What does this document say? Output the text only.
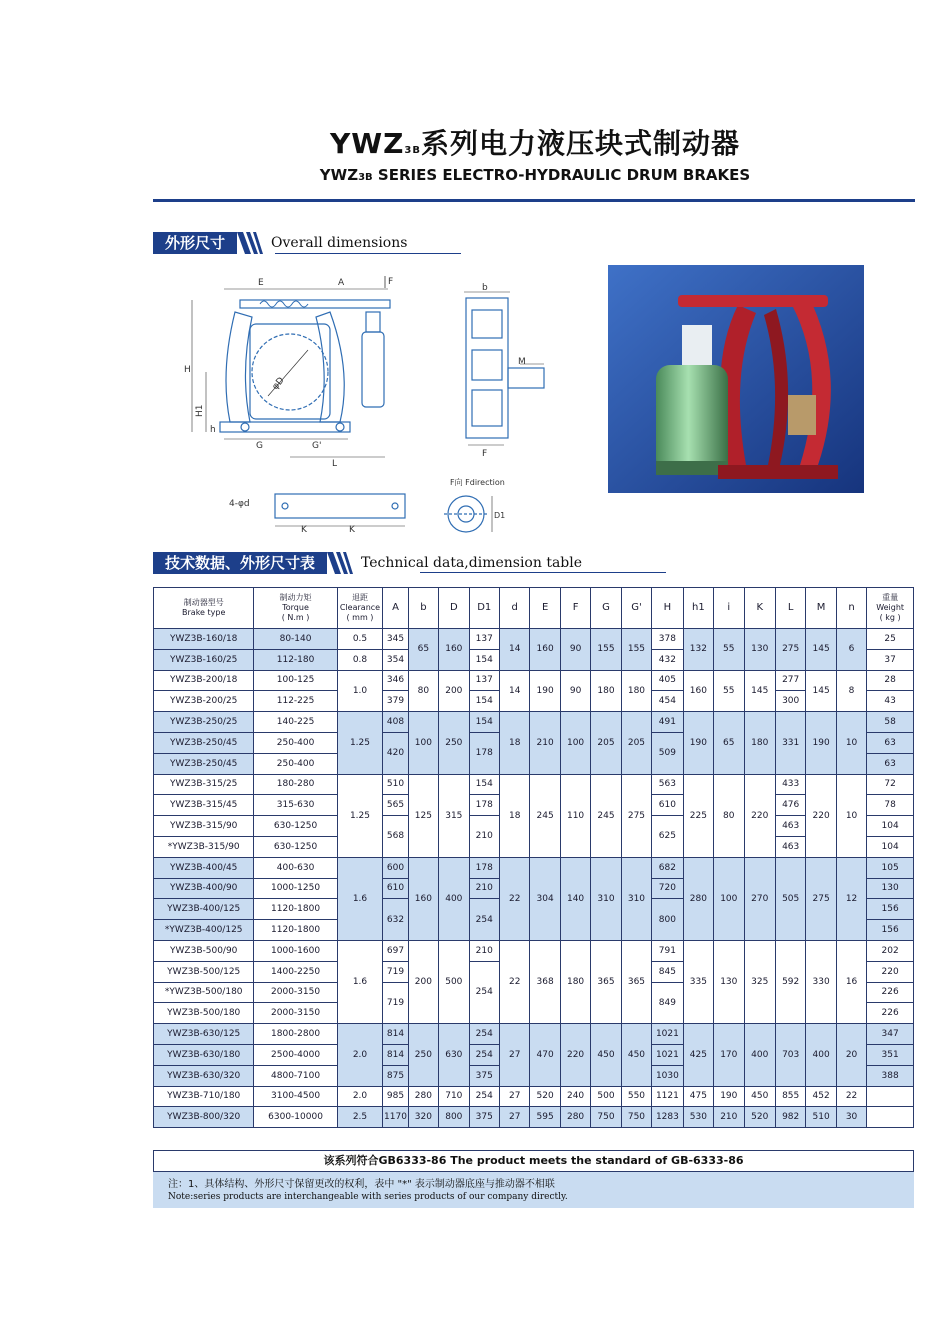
YWZ3B系列电力液压块式制动器
YWZ3B SERIES ELECTRO-HYDRAULIC DRUM BRAKES
外形尺寸	Overall dimensions
E	A	F
φD
H
H1
h
G	G'
L
b
M
F
4-φd
K	K
F向 Fdirection
D1
技术数据、外形尺寸表	Technical data,dimension table
制动器型号
Brake type	制动力矩
Torque
( N.m )	退距
Clearance
( mm )	A	b	D	D1	d	E	F	G	G'	H	h1	i	K	L	M	n	重量
Weight
( kg )
YWZ3B-160/18	80-140	0.5	345	65	160	137	14	160	90	155	155	378	132	55	130	275	145	6	25
YWZ3B-160/25	112-180	0.8	354			154						432							37
YWZ3B-200/18	100-125	1.0	346	80	200	137	14	190	90	180	180	405	160	55	145	277	145	8	28
YWZ3B-200/25	112-225		379			154						454				300			43
YWZ3B-250/25	140-225	1.25	408	100	250	154	18	210	100	205	205	491	190	65	180	331	190	10	58
YWZ3B-250/45	250-400		420			178						509							63
YWZ3B-250/45	250-400																		63
YWZ3B-315/25	180-280	1.25	510	125	315	154	18	245	110	245	275	563	225	80	220	433	220	10	72
YWZ3B-315/45	315-630		565			178						610				476			78
YWZ3B-315/90	630-1250		568			210						625				463			104
*YWZ3B-315/90	630-1250															463			104
YWZ3B-400/45	400-630	1.6	600	160	400	178	22	304	140	310	310	682	280	100	270	505	275	12	105
YWZ3B-400/90	1000-1250		610			210						720							130
YWZ3B-400/125	1120-1800		632			254						800							156
*YWZ3B-400/125	1120-1800																		156
YWZ3B-500/90	1000-1600	1.6	697	200	500	210	22	368	180	365	365	791	335	130	325	592	330	16	202
YWZ3B-500/125	1400-2250		719			254						845							220
*YWZ3B-500/180	2000-3150		719									849							226
YWZ3B-500/180	2000-3150																		226
YWZ3B-630/125	1800-2800	2.0	814	250	630	254	27	470	220	450	450	1021	425	170	400	703	400	20	347
YWZ3B-630/180	2500-4000		814			254						1021							351
YWZ3B-630/320	4800-7100		875			375						1030							388
YWZ3B-710/180	3100-4500	2.0	985	280	710	254	27	520	240	500	550	1121	475	190	450	855	452	22	
YWZ3B-800/320	6300-10000	2.5	1170	320	800	375	27	595	280	750	750	1283	530	210	520	982	510	30	
该系列符合GB6333-86 The product meets the standard of GB-6333-86
注：1、具体结构、外形尺寸保留更改的权利，表中 "*" 表示制动器底座与推动器不相联
Note:series products are interchangeable with series products of our company directly.
